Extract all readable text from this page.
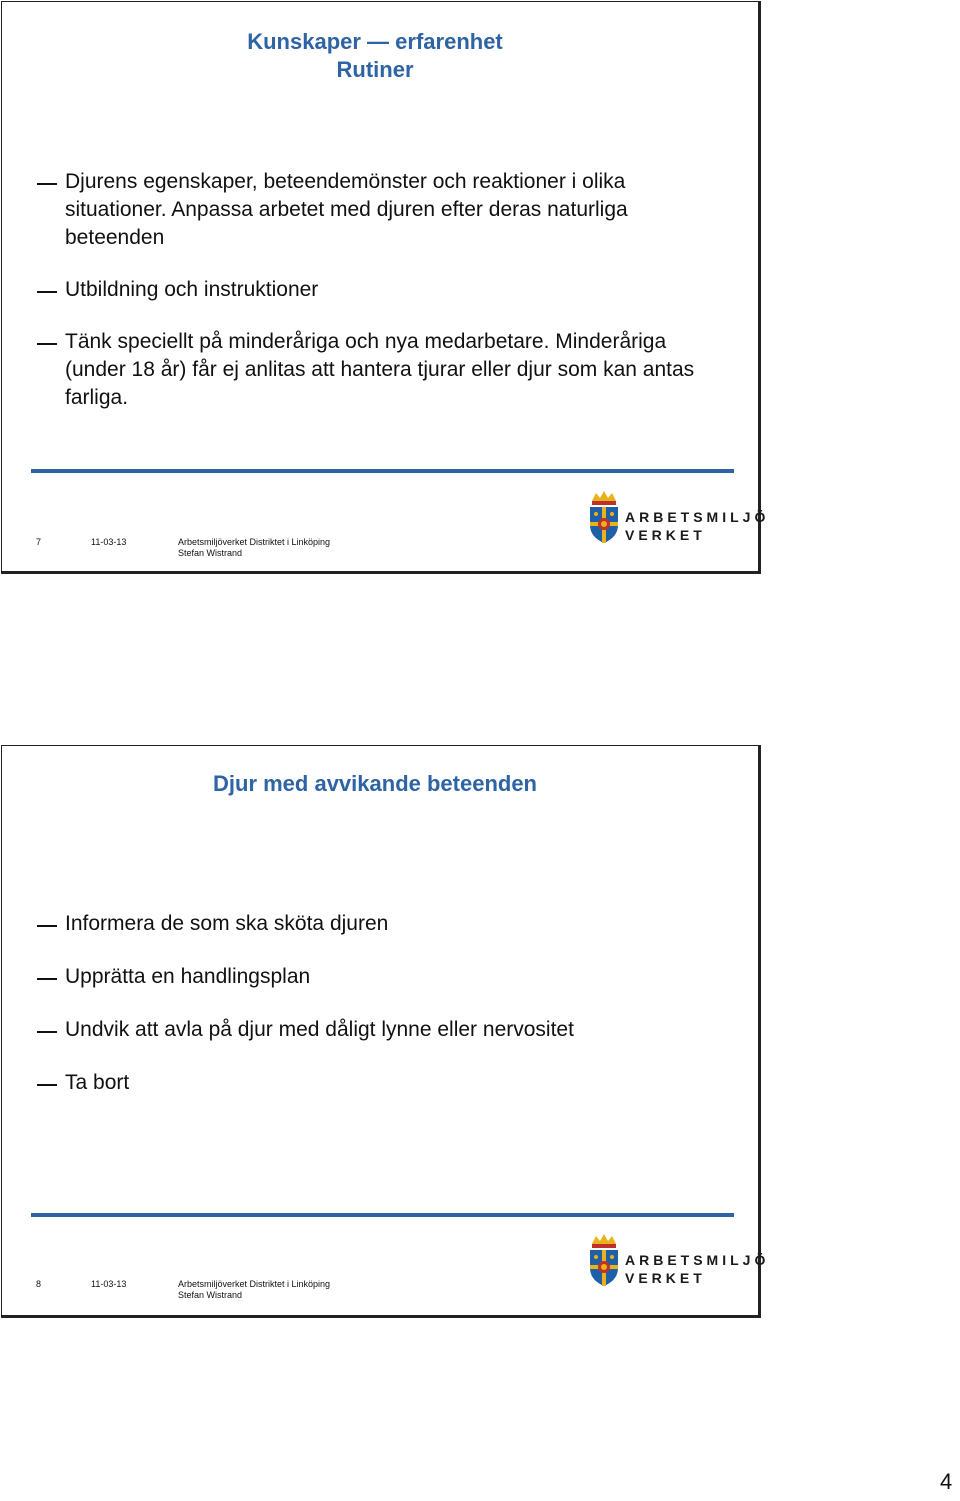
Kunskaper — erfarenhet
Rutiner
Djurens egenskaper, beteendemönster och reaktioner i olika situationer. Anpassa arbetet med djuren efter deras naturliga beteenden
Utbildning och instruktioner
Tänk speciellt på minderåriga och nya medarbetare. Minderåriga (under 18 år) får ej anlitas att hantera tjurar eller djur som kan antas farliga.
7	11-03-13	Arbetsmiljöverket Distriktet i Linköping
Stefan Wistrand
ARBETSMILJÖ
VERKET
Djur med avvikande beteenden
Informera de som ska sköta djuren
Upprätta en handlingsplan
Undvik att avla på djur med dåligt lynne eller nervositet
Ta bort
8	11-03-13	Arbetsmiljöverket Distriktet i Linköping
Stefan Wistrand
ARBETSMILJÖ
VERKET
4
